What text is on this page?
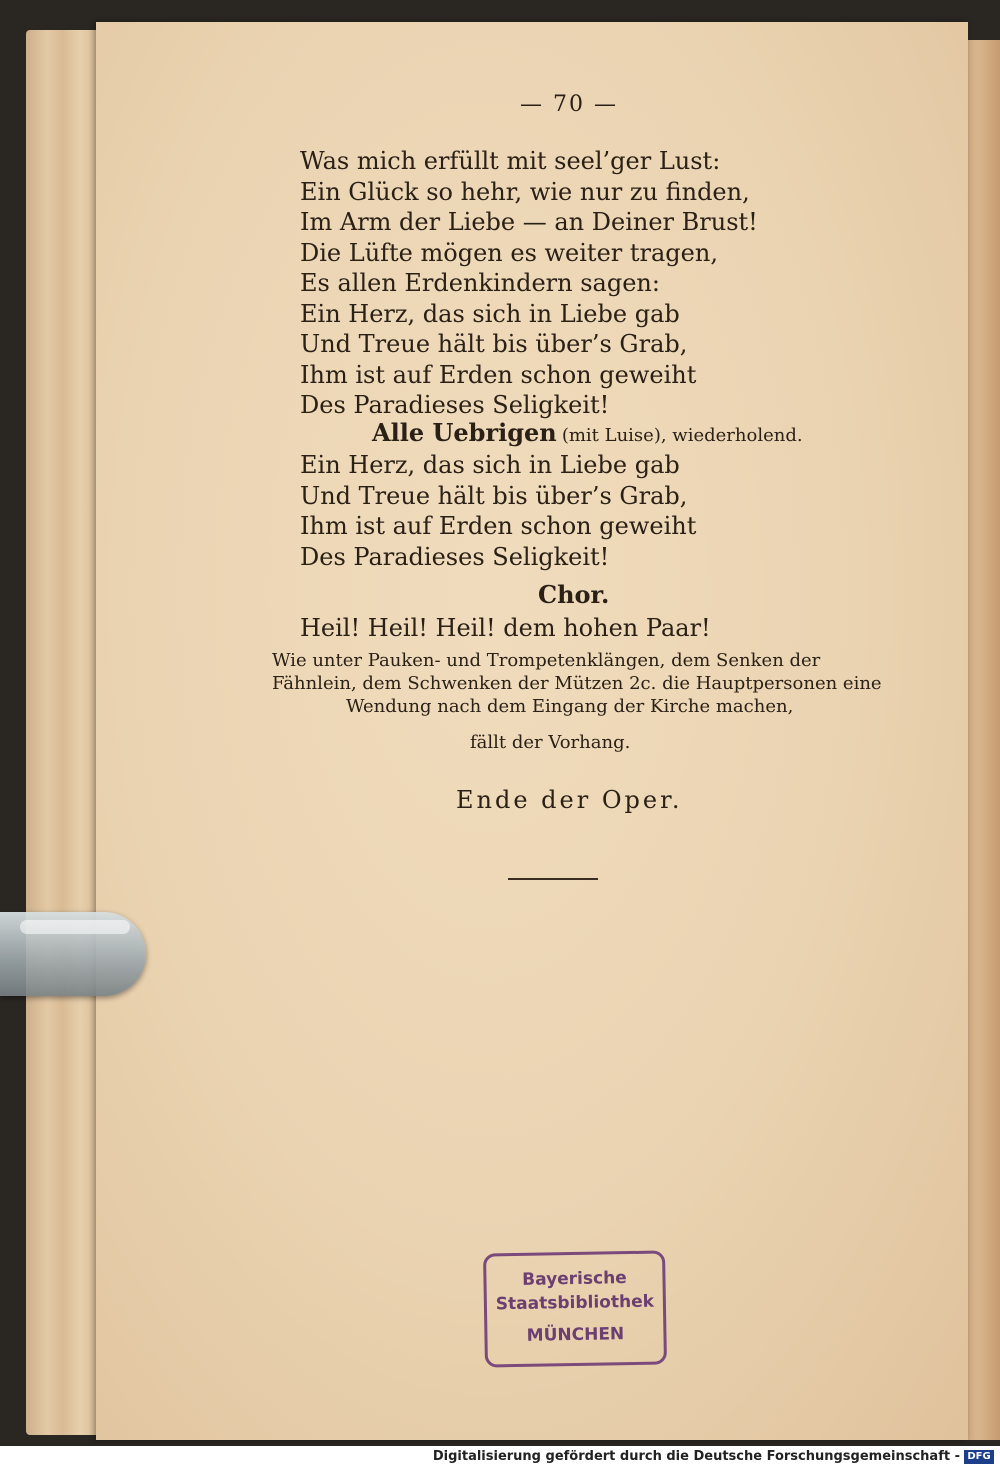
— 70 —
Was mich erfüllt mit seel’ger Lust:
Ein Glück so hehr, wie nur zu finden,
Im Arm der Liebe — an Deiner Brust!
Die Lüfte mögen es weiter tragen,
Es allen Erdenkindern sagen:
Ein Herz, das sich in Liebe gab
Und Treue hält bis über’s Grab,
Ihm ist auf Erden schon geweiht
Des Paradieses Seligkeit!
Alle Uebrigen (mit Luise), wiederholend.
Ein Herz, das sich in Liebe gab
Und Treue hält bis über’s Grab,
Ihm ist auf Erden schon geweiht
Des Paradieses Seligkeit!
Chor.
Heil! Heil! Heil! dem hohen Paar!
Wie unter Pauken- und Trompetenklängen, dem Senken der
Fähnlein, dem Schwenken der Mützen 2c. die Hauptpersonen eine
Wendung nach dem Eingang der Kirche machen,
fällt der Vorhang.
Ende der Oper.
Bayerische
Staatsbibliothek
MÜNCHEN
Digitalisierung gefördert durch die Deutsche Forschungsgemeinschaft - DFG
